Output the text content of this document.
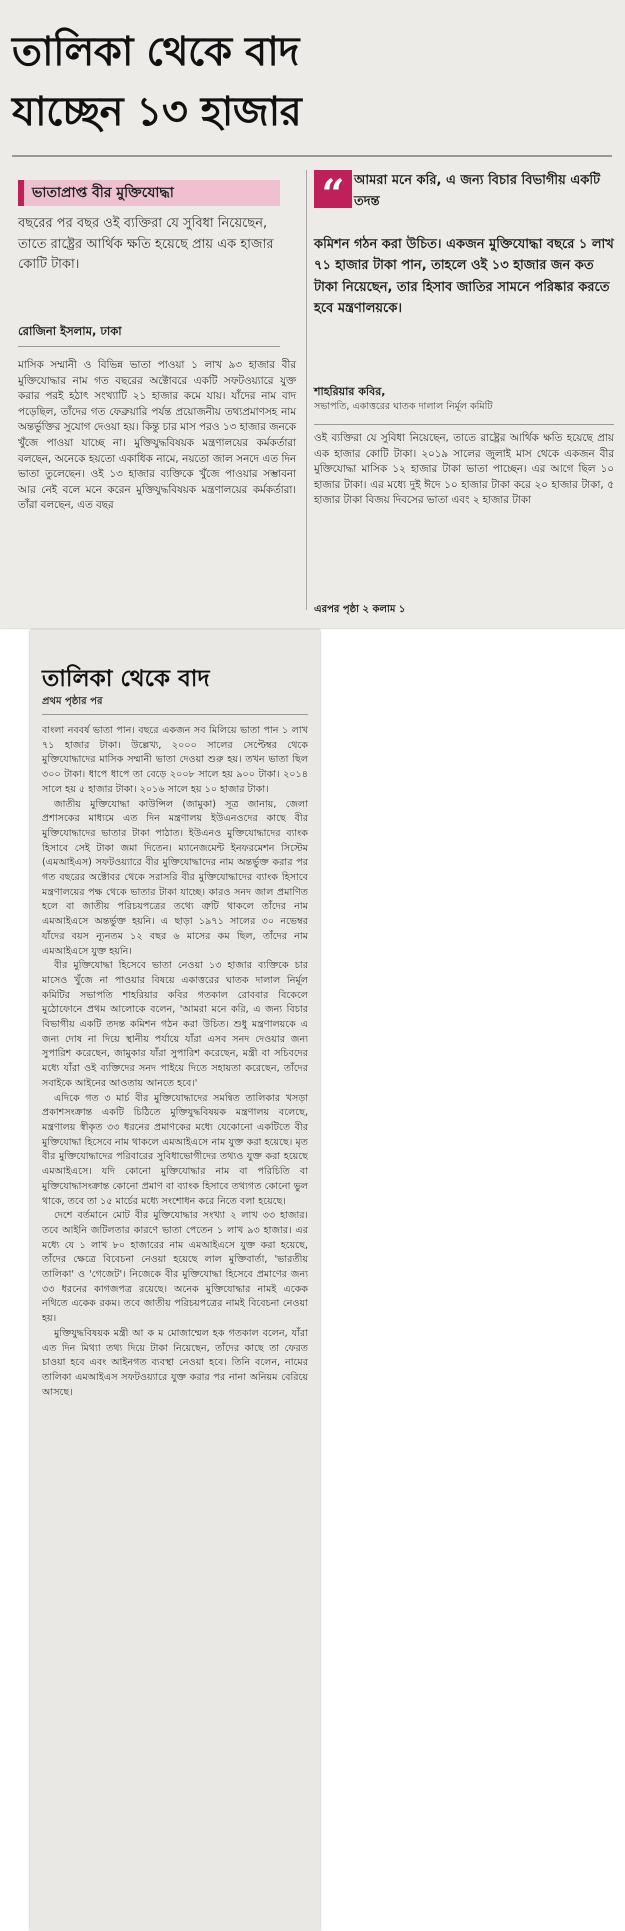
তালিকা থেকে বাদ
যাচ্ছেন ১৩ হাজার
ভাতাপ্রাপ্ত বীর মুক্তিযোদ্ধা

বছরের পর বছর ওই ব্যক্তিরা যে সুবিধা নিয়েছেন, তাতে রাষ্ট্রের আর্থিক ক্ষতি হয়েছে প্রায় এক হাজার কোটি টাকা।

রোজিনা ইসলাম, ঢাকা

মাসিক সম্মানী ও বিভিন্ন ভাতা পাওয়া ১ লাখ ৯৩ হাজার বীর মুক্তিযোদ্ধার নাম গত বছরের অক্টোবরে একটি সফটওয়্যারে যুক্ত করার পরই হঠাৎ সংখ্যাটি ২১ হাজার কমে যায়। যাঁদের নাম বাদ পড়েছিল, তাঁদের গত ফেব্রুয়ারি পর্যন্ত প্রয়োজনীয় তথ্যপ্রমাণসহ নাম অন্তর্ভুক্তির সুযোগ দেওয়া হয়। কিন্তু চার মাস পরও ১৩ হাজার জনকে খুঁজে পাওয়া যাচ্ছে না। মুক্তিযুদ্ধবিষয়ক মন্ত্রণালয়ের কর্মকর্তারা বলছেন, অনেকে হয়তো একাধিক নামে, নয়তো জাল সনদে এত দিন ভাতা তুলেছেন। ওই ১৩ হাজার ব্যক্তিকে খুঁজে পাওয়ার সম্ভাবনা আর নেই বলে মনে করেন মুক্তিযুদ্ধবিষয়ক মন্ত্রণালয়ের কর্মকর্তারা। তাঁরা বলছেন, এত বছর

“ আমরা মনে করি, এ জন্য বিচার বিভাগীয় একটি তদন্ত

কমিশন গঠন করা উচিত। একজন মুক্তিযোদ্ধা বছরে ১ লাখ ৭১ হাজার টাকা পান, তাহলে ওই ১৩ হাজার জন কত টাকা নিয়েছেন, তার হিসাব জাতির সামনে পরিষ্কার করতে হবে মন্ত্রণালয়কে।

শাহরিয়ার কবির,
সভাপতি, একাত্তরের ঘাতক দালাল নির্মূল কমিটি

ওই ব্যক্তিরা যে সুবিধা নিয়েছেন, তাতে রাষ্ট্রের আর্থিক ক্ষতি হয়েছে প্রায় এক হাজার কোটি টাকা। ২০১৯ সালের জুলাই মাস থেকে একজন বীর মুক্তিযোদ্ধা মাসিক ১২ হাজার টাকা ভাতা পাচ্ছেন। এর আগে ছিল ১০ হাজার টাকা। এর মধ্যে দুই ঈদে ১০ হাজার টাকা করে ২০ হাজার টাকা, ৫ হাজার টাকা বিজয় দিবসের ভাতা এবং ২ হাজার টাকা

এরপর পৃষ্ঠা ২ কলাম ১
তালিকা থেকে বাদ
প্রথম পৃষ্ঠার পর

বাংলা নববর্ষ ভাতা পান। বছরে একজন সব মিলিয়ে ভাতা পান ১ লাখ ৭১ হাজার টাকা। উল্লেখ্য, ২০০০ সালের সেপ্টেম্বর থেকে মুক্তিযোদ্ধাদের মাসিক সম্মানী ভাতা দেওয়া শুরু হয়। তখন ভাতা ছিল ৩০০ টাকা। ধাপে ধাপে তা বেড়ে ২০০৮ সালে হয় ৯০০ টাকা। ২০১৪ সালে হয় ৫ হাজার টাকা। ২০১৬ সালে হয় ১০ হাজার টাকা।
জাতীয় মুক্তিযোদ্ধা কাউন্সিল (জামুকা) সূত্র জানায়, জেলা প্রশাসকের মাধ্যমে এত দিন মন্ত্রণালয় ইউএনওদের কাছে বীর মুক্তিযোদ্ধাদের ভাতার টাকা পাঠাত। ইউএনও মুক্তিযোদ্ধাদের ব্যাংক হিসাবে সেই টাকা জমা দিতেন। ম্যানেজমেন্ট ইনফরমেশন সিস্টেম (এমআইএস) সফটওয়্যারে বীর মুক্তিযোদ্ধাদের নাম অন্তর্ভুক্ত করার পর গত বছরের অক্টোবর থেকে সরাসরি বীর মুক্তিযোদ্ধাদের ব্যাংক হিসাবে মন্ত্রণালয়ের পক্ষ থেকে ভাতার টাকা যাচ্ছে। কারও সনদ জাল প্রমাণিত হলে বা জাতীয় পরিচয়পত্রের তথ্যে ত্রুটি থাকলে তাঁদের নাম এমআইএসে অন্তর্ভুক্ত হয়নি। এ ছাড়া ১৯৭১ সালের ৩০ নভেম্বর যাঁদের বয়স ন্যূনতম ১২ বছর ৬ মাসের কম ছিল, তাঁদের নাম এমআইএসে যুক্ত হয়নি।
বীর মুক্তিযোদ্ধা হিসেবে ভাতা নেওয়া ১৩ হাজার ব্যক্তিকে চার মাসেও খুঁজে না পাওয়ার বিষয়ে একাত্তরের ঘাতক দালাল নির্মূল কমিটির সভাপতি শাহরিয়ার কবির গতকাল রোববার বিকেলে মুঠোফোনে প্রথম আলোকে বলেন, 'আমরা মনে করি, এ জন্য বিচার বিভাগীয় একটি তদন্ত কমিশন গঠন করা উচিত। শুধু মন্ত্রণালয়কে এ জন্য দোষ না দিয়ে স্থানীয় পর্যায়ে যাঁরা এসব সনদ দেওয়ার জন্য সুপারিশ করেছেন, জামুকার যাঁরা সুপারিশ করেছেন, মন্ত্রী বা সচিবদের মধ্যে যাঁরা ওই ব্যক্তিদের সনদ পাইয়ে দিতে সহায়তা করেছেন, তাঁদের সবাইকে আইনের আওতায় আনতে হবে।'
এদিকে গত ৩ মার্চ বীর মুক্তিযোদ্ধাদের সমন্বিত তালিকার খসড়া প্রকাশসংক্রান্ত একটি চিঠিতে মুক্তিযুদ্ধবিষয়ক মন্ত্রণালয় বলেছে, মন্ত্রণালয় স্বীকৃত ৩৩ ধরনের প্রমাণকের মধ্যে যেকোনো একটিতে বীর মুক্তিযোদ্ধা হিসেবে নাম থাকলে এমআইএসে নাম যুক্ত করা হয়েছে। মৃত বীর মুক্তিযোদ্ধাদের পরিবারের সুবিধাভোগীদের তথ্যও যুক্ত করা হয়েছে এমআইএসে। যদি কোনো মুক্তিযোদ্ধার নাম বা পরিচিতি বা মুক্তিযোদ্ধাসংক্রান্ত কোনো প্রমাণ বা ব্যাংক হিসাবে তথ্যগত কোনো ভুল থাকে, তবে তা ১৫ মার্চের মধ্যে সংশোধন করে নিতে বলা হয়েছে।
দেশে বর্তমানে মোট বীর মুক্তিযোদ্ধার সংখ্যা ২ লাখ ৩৩ হাজার। তবে আইনি জটিলতার কারণে ভাতা পেতেন ১ লাখ ৯৩ হাজার। এর মধ্যে যে ১ লাখ ৮০ হাজারের নাম এমআইএসে যুক্ত করা হয়েছে, তাঁদের ক্ষেত্রে বিবেচনা নেওয়া হয়েছে লাল মুক্তিবার্তা, 'ভারতীয় তালিকা' ও 'গেজেট'। নিজেকে বীর মুক্তিযোদ্ধা হিসেবে প্রমাণের জন্য ৩৩ ধরনের কাগজপত্র রয়েছে। অনেক মুক্তিযোদ্ধার নামই একেক নথিতে একেক রকম। তবে জাতীয় পরিচয়পত্রের নামই বিবেচনা নেওয়া হয়।
মুক্তিযুদ্ধবিষয়ক মন্ত্রী আ ক ম মোজাম্মেল হক গতকাল বলেন, যাঁরা এত দিন মিথ্যা তথ্য দিয়ে টাকা নিয়েছেন, তাঁদের কাছে তা ফেরত চাওয়া হবে এবং আইনগত ব্যবস্থা নেওয়া হবে। তিনি বলেন, নামের তালিকা এমআইএস সফটওয়্যারে যুক্ত করার পর নানা অনিয়ম বেরিয়ে আসছে।
